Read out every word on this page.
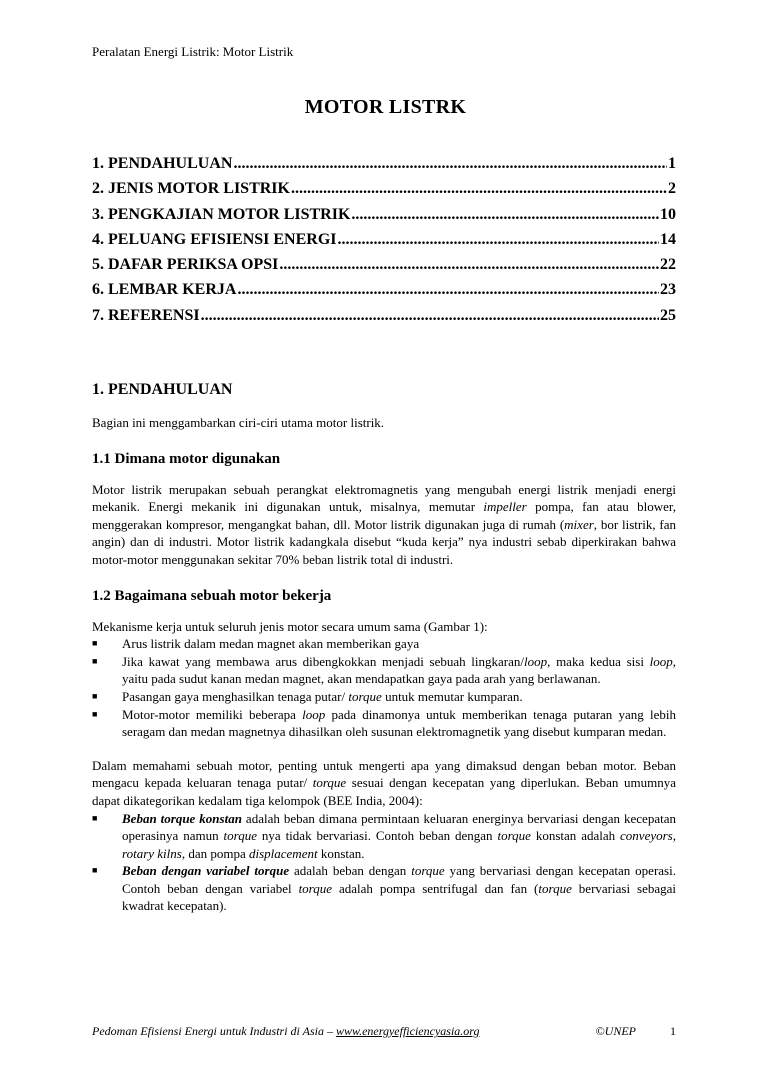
Peralatan Energi Listrik: Motor Listrik
MOTOR LISTRK
1. PENDAHULUAN .....	1
2. JENIS MOTOR LISTRIK .....	2
3. PENGKAJIAN MOTOR LISTRIK .....	10
4. PELUANG EFISIENSI ENERGI .....	14
5. DAFAR PERIKSA OPSI .....	22
6. LEMBAR KERJA .....	23
7. REFERENSI .....	25
1. PENDAHULUAN

Bagian ini menggambarkan ciri-ciri utama motor listrik.

1.1 Dimana motor digunakan

Motor listrik merupakan sebuah perangkat elektromagnetis yang mengubah energi listrik menjadi energi mekanik. Energi mekanik ini digunakan untuk, misalnya, memutar impeller pompa, fan atau blower, menggerakan kompresor, mengangkat bahan, dll. Motor listrik digunakan juga di rumah (mixer, bor listrik, fan angin) dan di industri. Motor listrik kadangkala disebut “kuda kerja” nya industri sebab diperkirakan bahwa motor-motor menggunakan sekitar 70% beban listrik total di industri.

1.2 Bagaimana sebuah motor bekerja

Mekanisme kerja untuk seluruh jenis motor secara umum sama (Gambar 1):

■	Arus listrik dalam medan magnet akan memberikan gaya
■	Jika kawat yang membawa arus dibengkokkan menjadi sebuah lingkaran/loop, maka kedua sisi loop, yaitu pada sudut kanan medan magnet, akan mendapatkan gaya pada arah yang berlawanan.
■	Pasangan gaya menghasilkan tenaga putar/ torque untuk memutar kumparan.
■	Motor-motor memiliki beberapa loop pada dinamonya untuk memberikan tenaga putaran yang lebih seragam dan medan magnetnya dihasilkan oleh susunan elektromagnetik yang disebut kumparan medan.

Dalam memahami sebuah motor, penting untuk mengerti apa yang dimaksud dengan beban motor. Beban mengacu kepada keluaran tenaga putar/ torque sesuai dengan kecepatan yang diperlukan. Beban umumnya dapat dikategorikan kedalam tiga kelompok (BEE India, 2004):

■	Beban torque konstan adalah beban dimana permintaan keluaran energinya bervariasi dengan kecepatan operasinya namun torque nya tidak bervariasi. Contoh beban dengan torque konstan adalah conveyors, rotary kilns, dan pompa displacement konstan.
■	Beban dengan variabel torque adalah beban dengan torque yang bervariasi dengan kecepatan operasi. Contoh beban dengan variabel torque adalah pompa sentrifugal dan fan (torque bervariasi sebagai kwadrat kecepatan).
Pedoman Efisiensi Energi untuk Industri di Asia – www.energyefficiencyasia.org	©UNEP	1
